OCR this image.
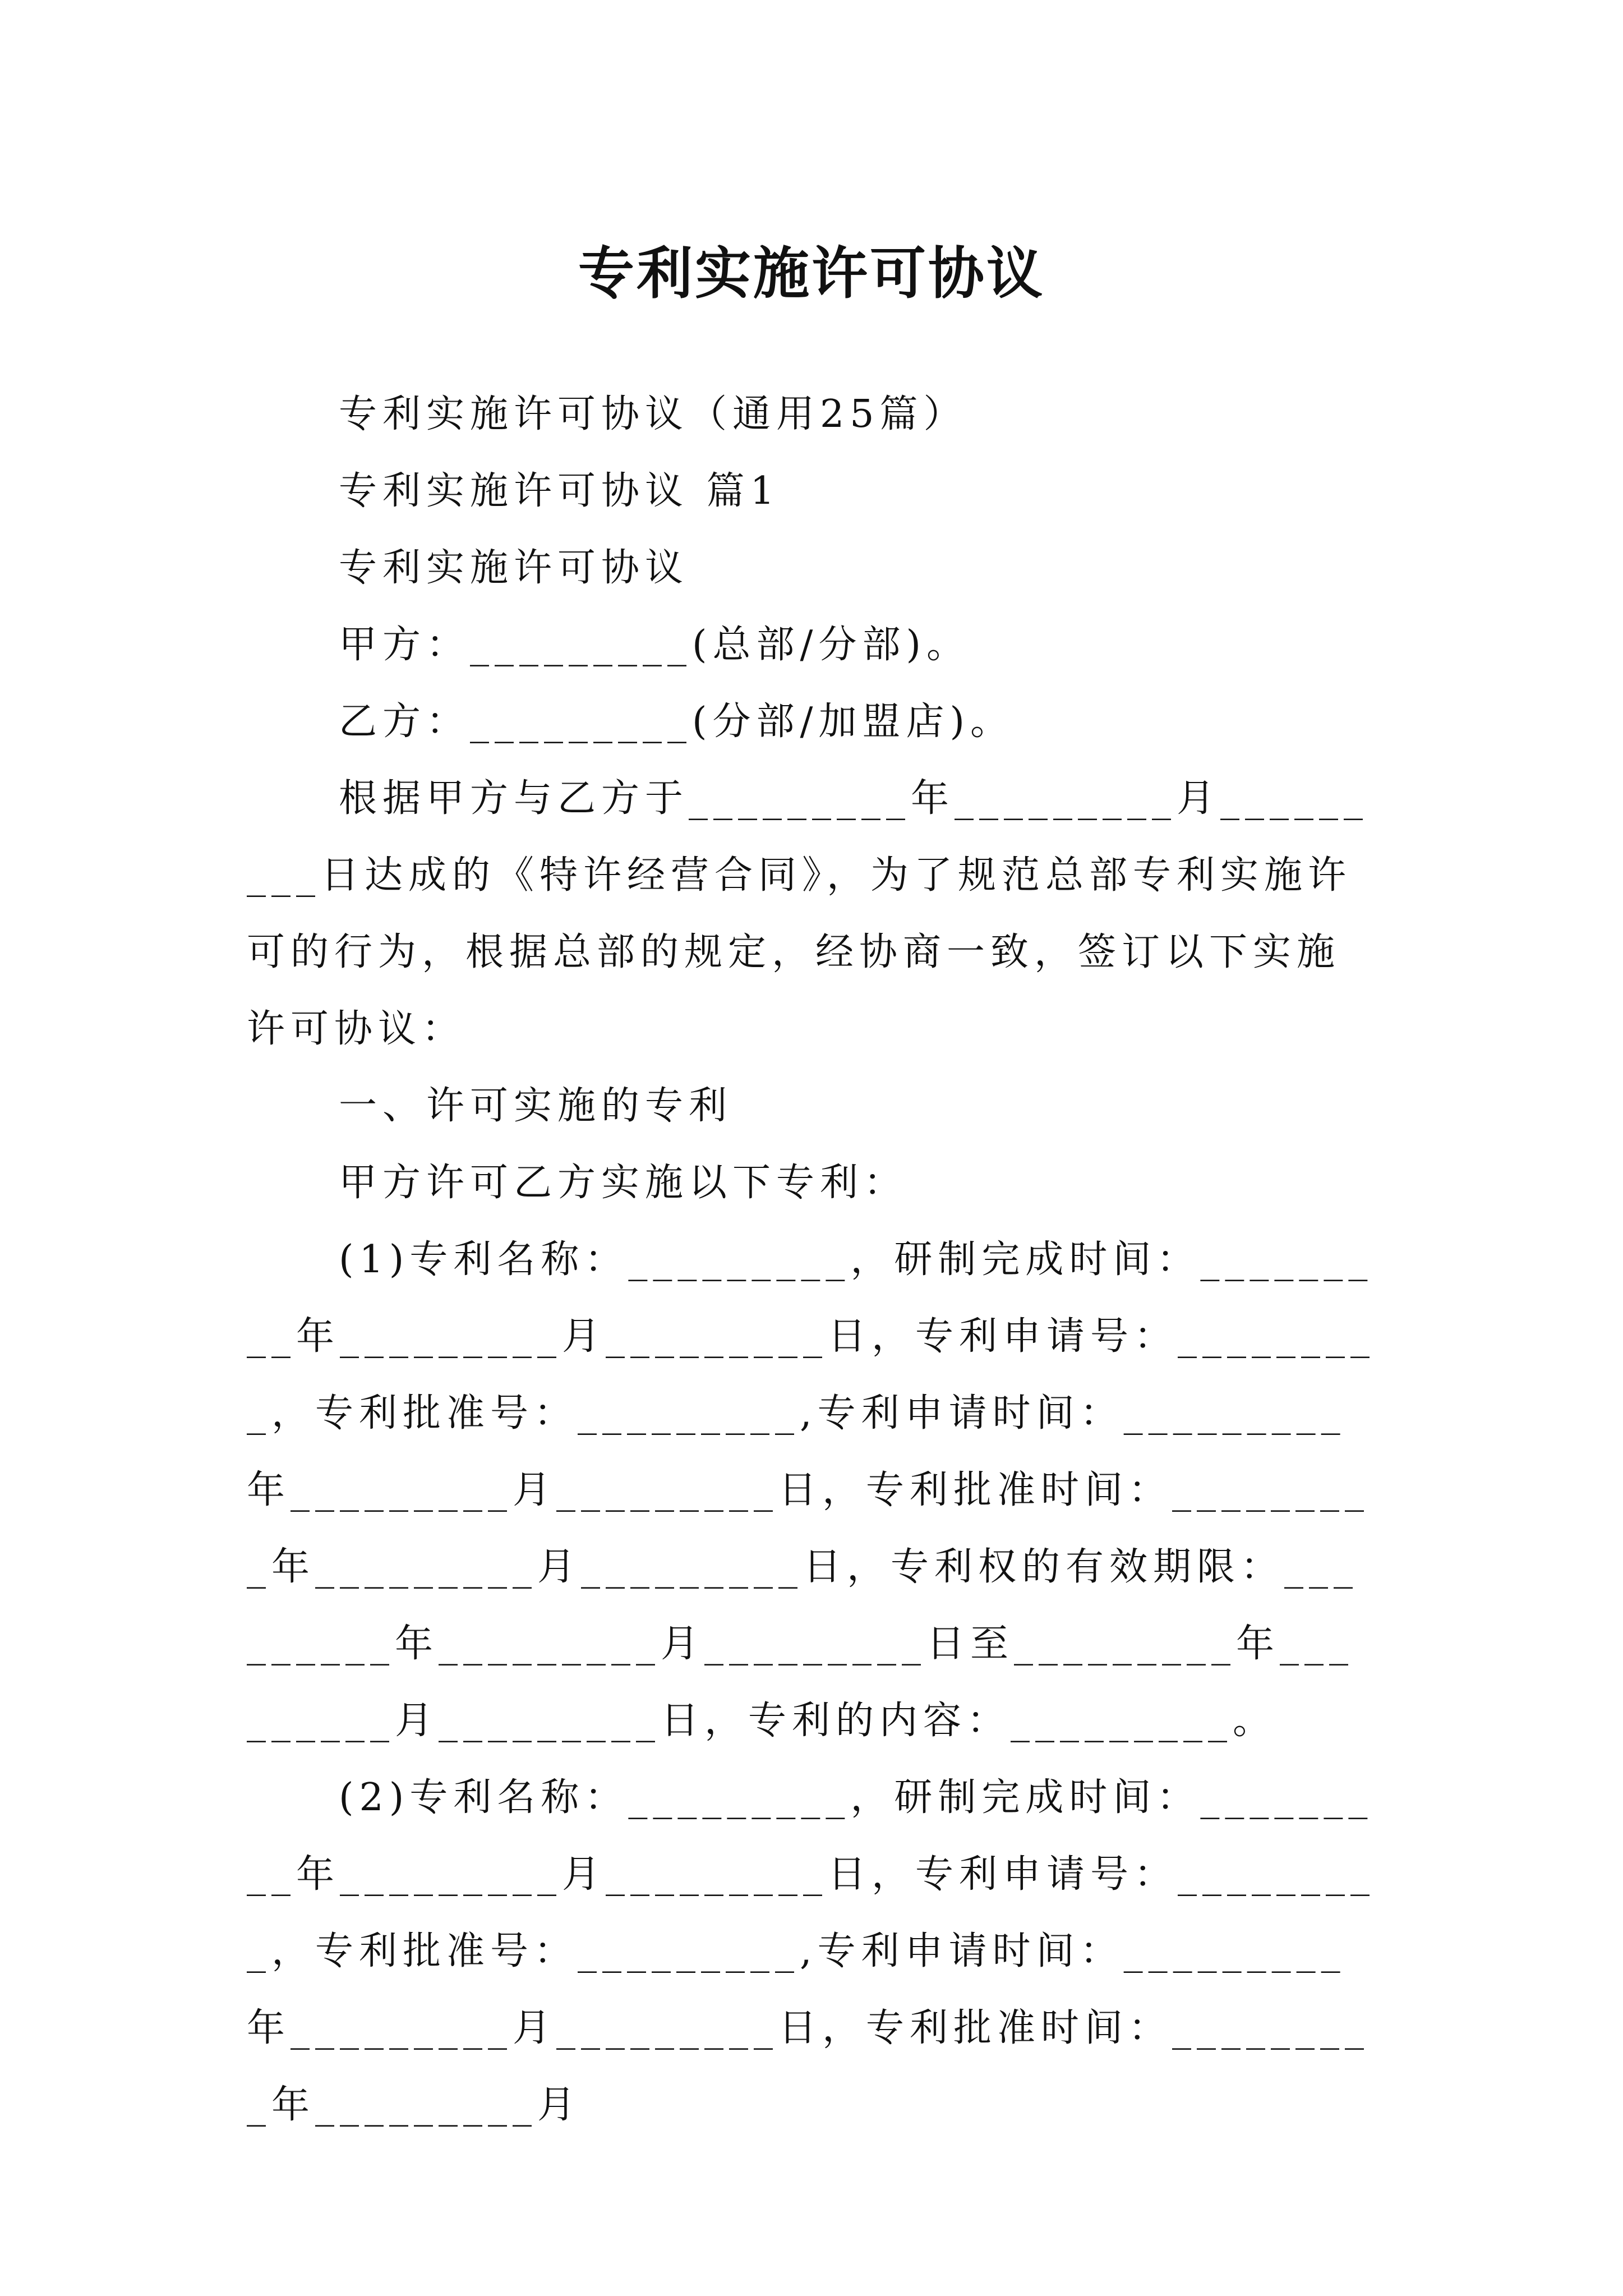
专利实施许可协议

专利实施许可协议（通用25篇）

专利实施许可协议 篇1

专利实施许可协议

甲方：_________(总部/分部)。

乙方：_________(分部/加盟店)。

根据甲方与乙方于_________年_________月_________日达成的《特许经营合同》，为了规范总部专利实施许可的行为，根据总部的规定，经协商一致，签订以下实施许可协议：

一、许可实施的专利

甲方许可乙方实施以下专利：

(1)专利名称：_________，研制完成时间：_________年_________月_________日，专利申请号：_________，专利批准号：_________,专利申请时间：_________年_________月_________日，专利批准时间：_________年_________月_________日，专利权的有效期限：_________年_________月_________日至_________年_________月_________日，专利的内容：_________。

(2)专利名称：_________，研制完成时间：_________年_________月_________日，专利申请号：_________，专利批准号：_________,专利申请时间：_________年_________月_________日，专利批准时间：_________年_________月
